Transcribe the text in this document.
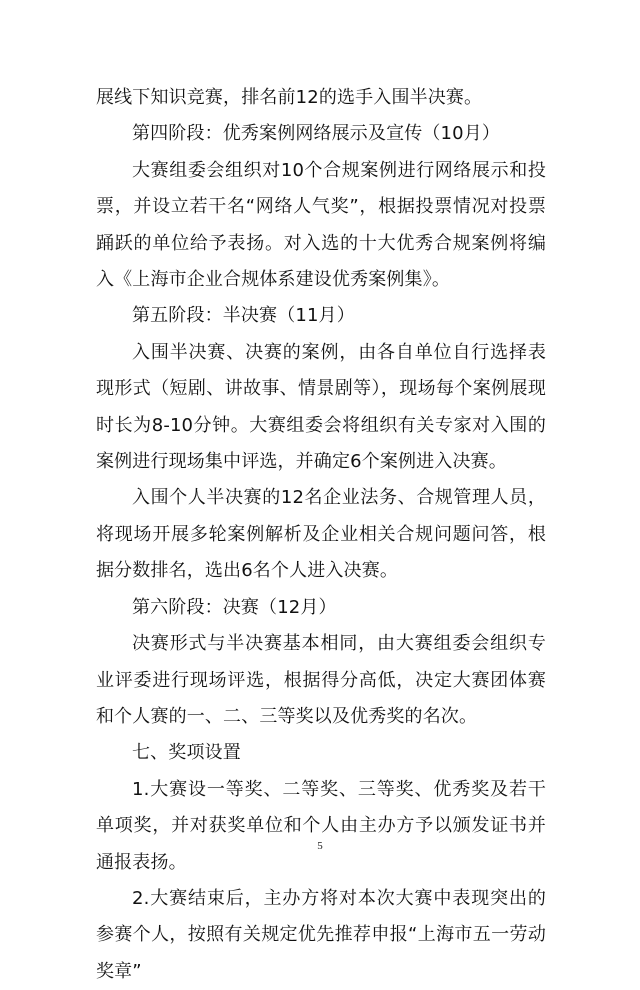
展线下知识竞赛，排名前12的选手入围半决赛。

第四阶段：优秀案例网络展示及宣传（10月）

大赛组委会组织对10个合规案例进行网络展示和投票，并设立若干名“网络人气奖”，根据投票情况对投票踊跃的单位给予表扬。对入选的十大优秀合规案例将编入《上海市企业合规体系建设优秀案例集》。

第五阶段：半决赛（11月）

入围半决赛、决赛的案例，由各自单位自行选择表现形式（短剧、讲故事、情景剧等），现场每个案例展现时长为8-10分钟。大赛组委会将组织有关专家对入围的案例进行现场集中评选，并确定6个案例进入决赛。

入围个人半决赛的12名企业法务、合规管理人员，将现场开展多轮案例解析及企业相关合规问题问答，根据分数排名，选出6名个人进入决赛。

第六阶段：决赛（12月）

决赛形式与半决赛基本相同，由大赛组委会组织专业评委进行现场评选，根据得分高低，决定大赛团体赛和个人赛的一、二、三等奖以及优秀奖的名次。

七、奖项设置

1.大赛设一等奖、二等奖、三等奖、优秀奖及若干单项奖，并对获奖单位和个人由主办方予以颁发证书并通报表扬。

2.大赛结束后，主办方将对本次大赛中表现突出的参赛个人，按照有关规定优先推荐申报“上海市五一劳动奖章”

5
